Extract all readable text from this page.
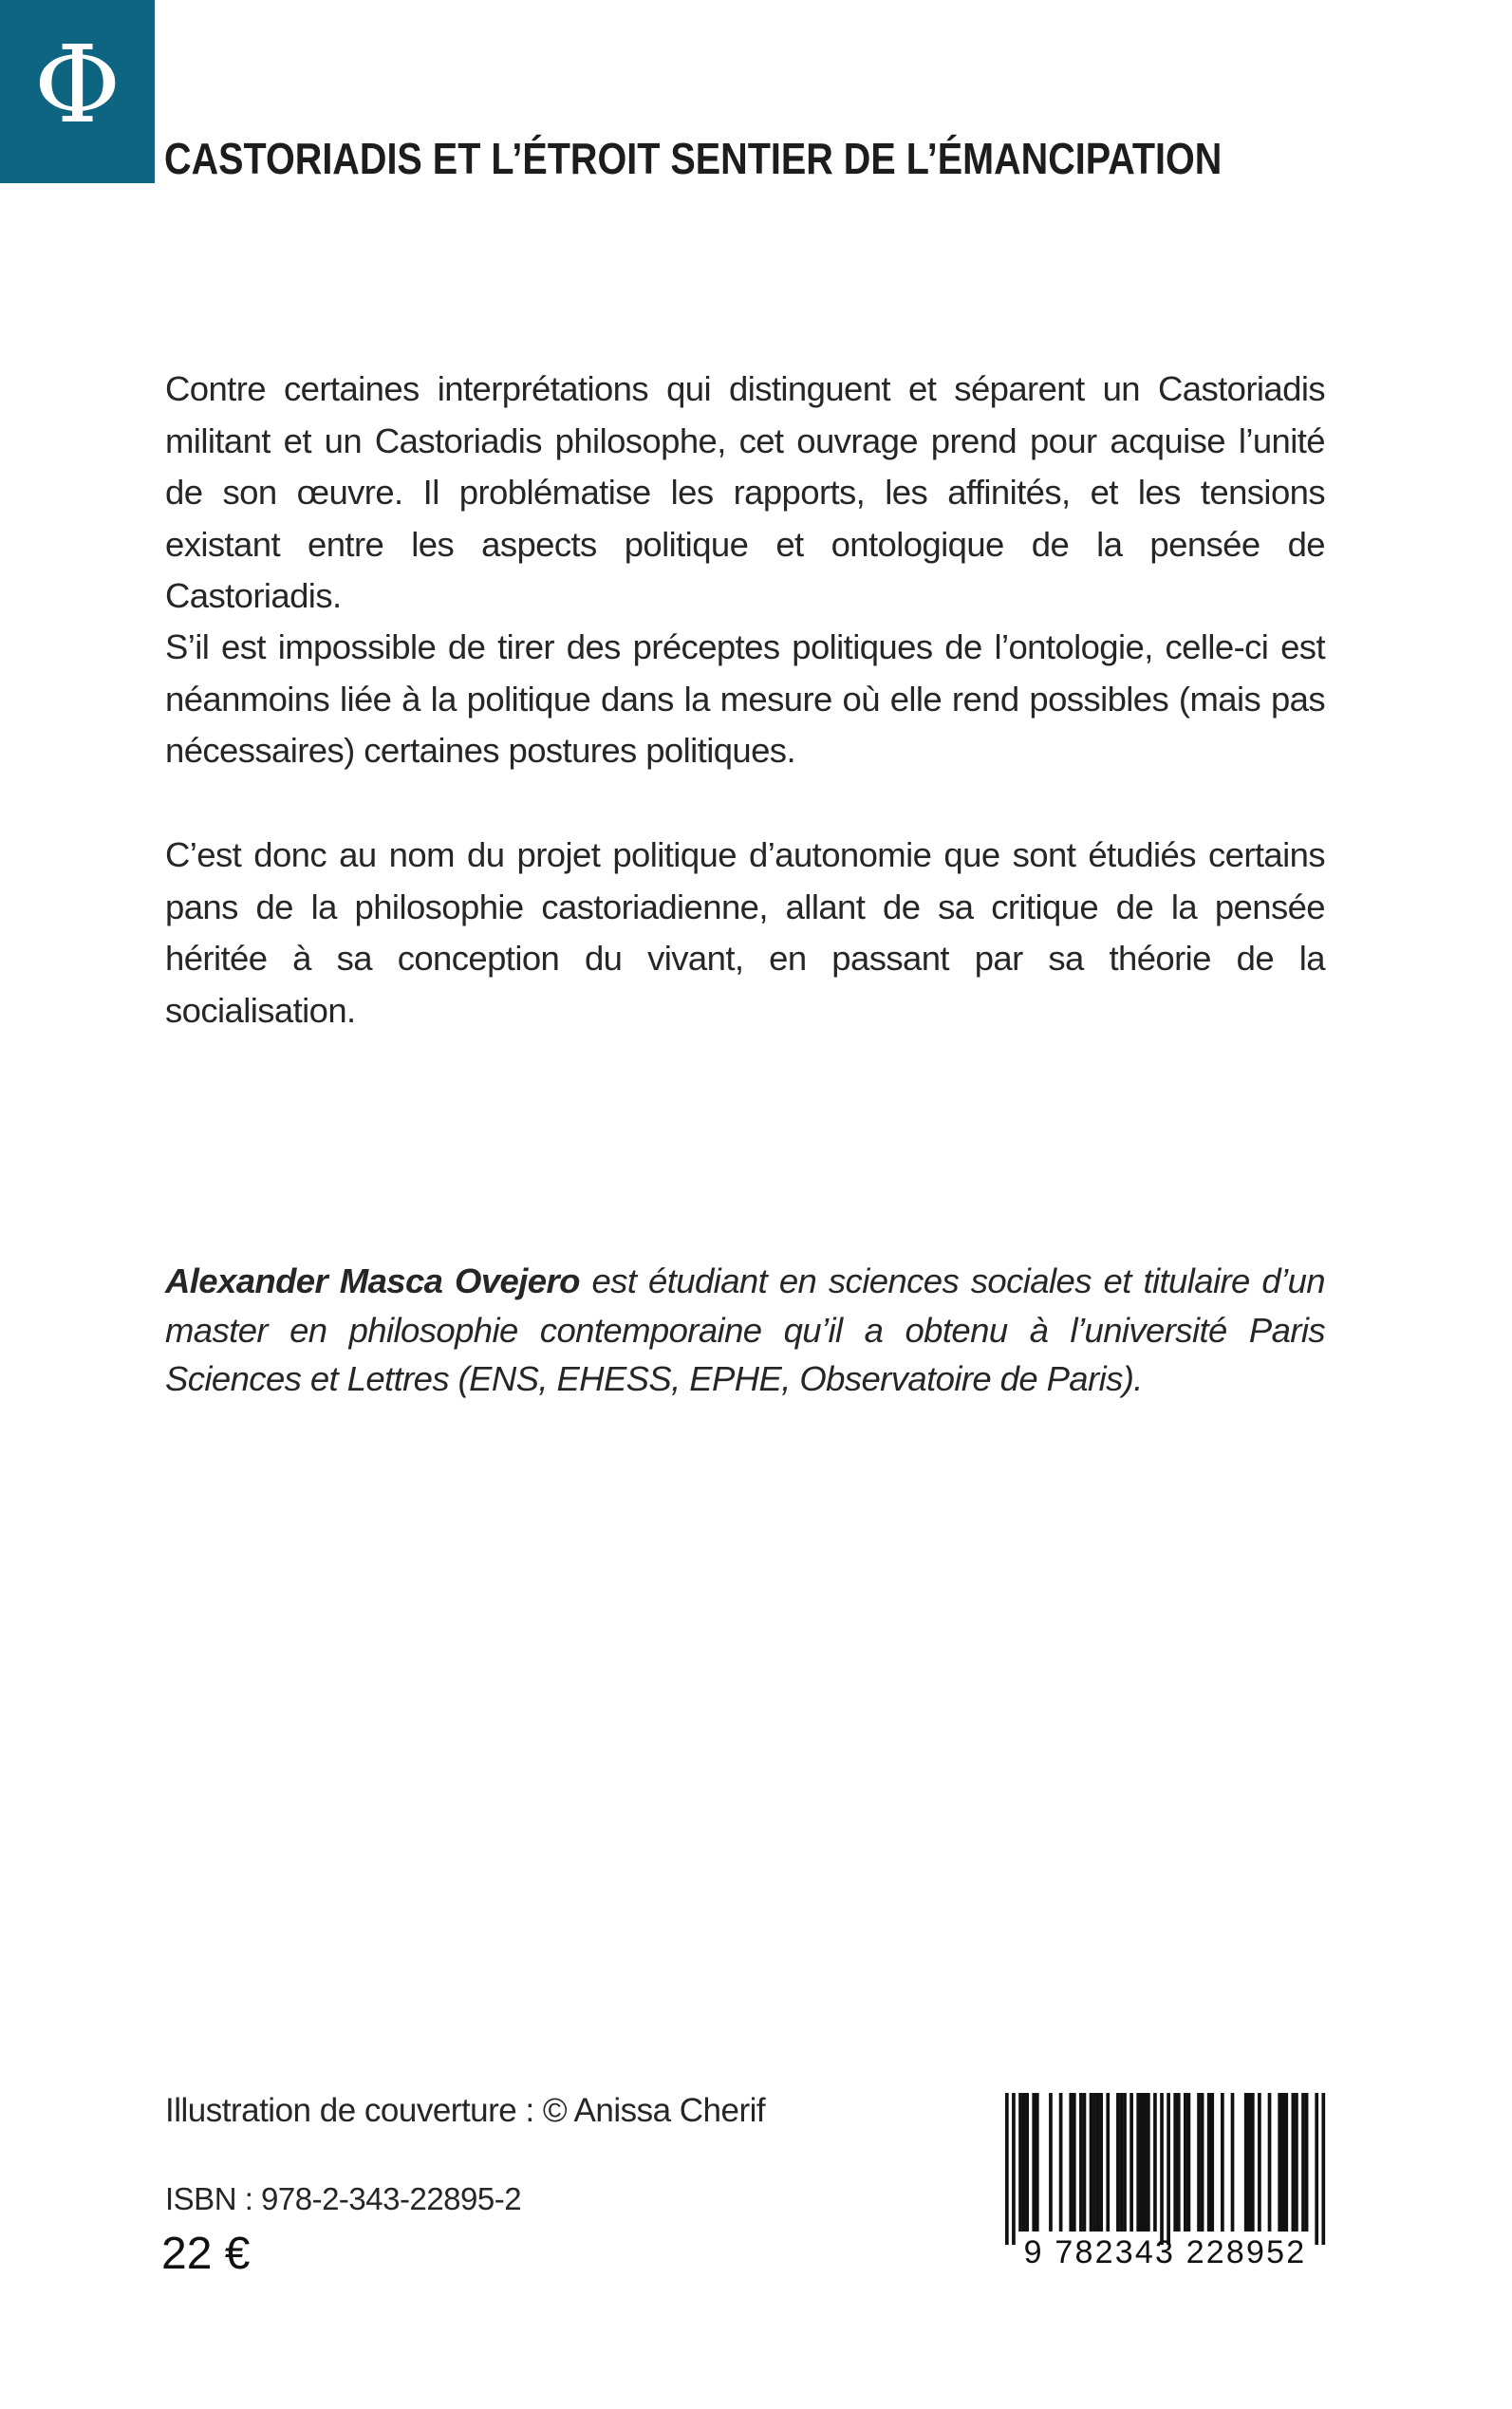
Φ
CASTORIADIS ET L’ÉTROIT SENTIER DE L’ÉMANCIPATION

Contre certaines interprétations qui distinguent et séparent un Castoriadis militant et un Castoriadis philosophe, cet ouvrage prend pour acquise l’unité de son œuvre. Il problématise les rapports, les affinités, et les tensions existant entre les aspects politique et ontologique de la pensée de Castoriadis.

S’il est impossible de tirer des préceptes politiques de l’ontologie, celle-ci est néanmoins liée à la politique dans la mesure où elle rend possibles (mais pas nécessaires) certaines postures politiques.

C’est donc au nom du projet politique d’autonomie que sont étudiés certains pans de la philosophie castoriadienne, allant de sa critique de la pensée héritée à sa conception du vivant, en passant par sa théorie de la socialisation.

Alexander Masca Ovejero est étudiant en sciences sociales et titulaire d’un master en philosophie contemporaine qu’il a obtenu à l’université Paris Sciences et Lettres (ENS, EHESS, EPHE, Observatoire de Paris).

Illustration de couverture : © Anissa Cherif

ISBN : 978-2-343-22895-2

22 €	9 782343 228952
